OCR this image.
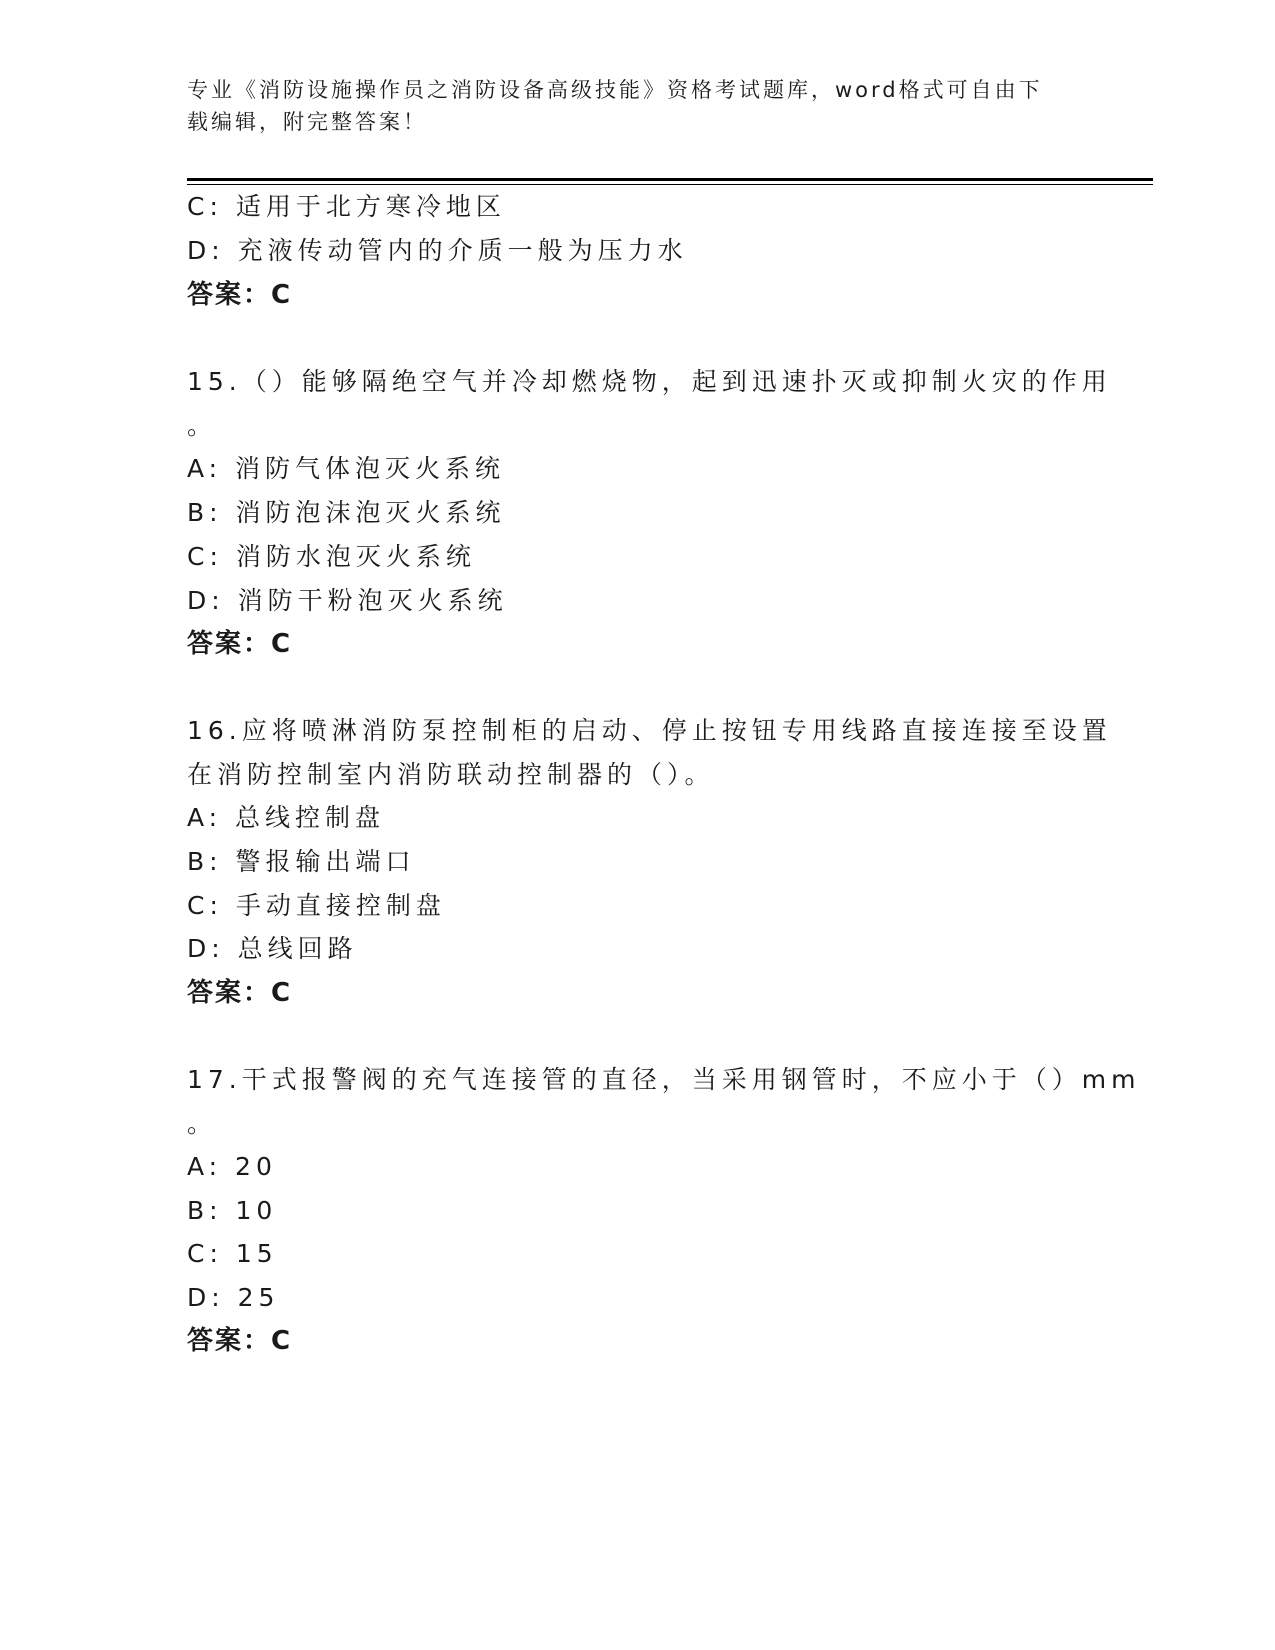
专业《消防设施操作员之消防设备高级技能》资格考试题库，word格式可自由下
载编辑，附完整答案！
C: 适用于北方寒冷地区
D: 充液传动管内的介质一般为压力水
答案：C
15.（）能够隔绝空气并冷却燃烧物，起到迅速扑灭或抑制火灾的作用
。
A: 消防气体泡灭火系统
B: 消防泡沫泡灭火系统
C: 消防水泡灭火系统
D: 消防干粉泡灭火系统
答案：C
16.应将喷淋消防泵控制柜的启动、停止按钮专用线路直接连接至设置
在消防控制室内消防联动控制器的（）。
A: 总线控制盘
B: 警报输出端口
C: 手动直接控制盘
D: 总线回路
答案：C
17.干式报警阀的充气连接管的直径，当采用钢管时，不应小于（）mm
。
A: 20
B: 10
C: 15
D: 25
答案：C
